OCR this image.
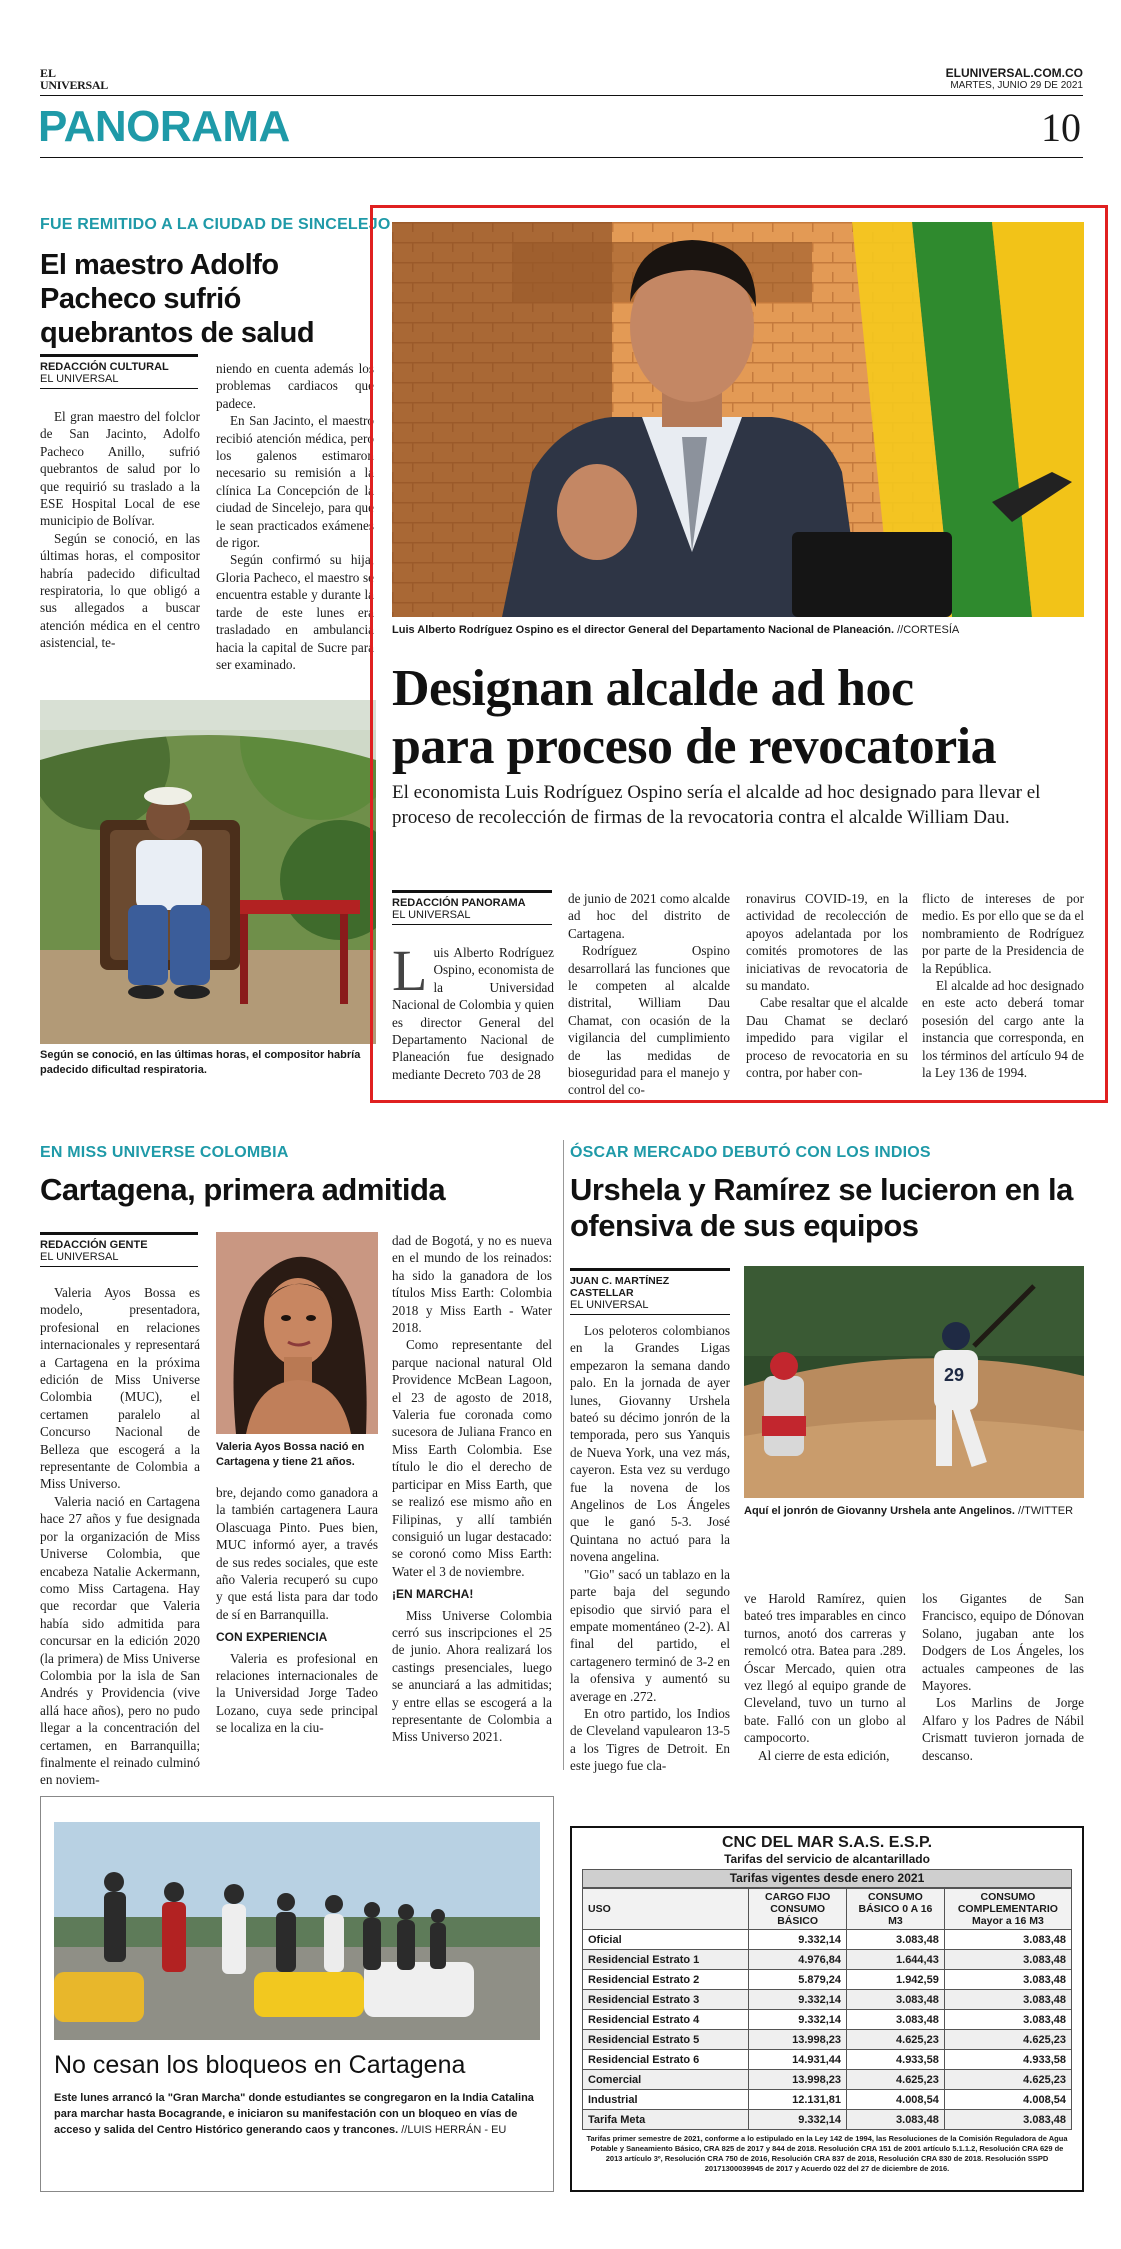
EL
UNIVERSAL
ELUNIVERSAL.COM.CO
MARTES, JUNIO 29 DE 2021
PANORAMA	10
FUE REMITIDO A LA CIUDAD DE SINCELEJO
El maestro Adolfo Pacheco sufrió quebrantos de salud
REDACCIÓN CULTURAL
EL UNIVERSAL

El gran maestro del folclor de San Jacinto, Adolfo Pacheco Anillo, sufrió quebrantos de salud por lo que requirió su traslado a la ESE Hospital Local de ese municipio de Bolívar.

Según se conoció, en las últimas horas, el compositor habría padecido dificultad respiratoria, lo que obligó a sus allegados a buscar atención médica en el centro asistencial, te-

niendo en cuenta además los problemas cardiacos que padece.

En San Jacinto, el maestro recibió atención médica, pero los galenos estimaron necesario su remisión a la clínica La Concepción de la ciudad de Sincelejo, para que le sean practicados exámenes de rigor.

Según confirmó su hija, Gloria Pacheco, el maestro se encuentra estable y durante la tarde de este lunes era trasladado en ambulancia hacia la capital de Sucre para ser examinado.

Según se conoció, en las últimas horas, el compositor habría padecido dificultad respiratoria.
Luis Alberto Rodríguez Ospino es el director General del Departamento Nacional de Planeación. //CORTESÍA
Designan alcalde ad hoc
para proceso de revocatoria
El economista Luis Rodríguez Ospino sería el alcalde ad hoc designado para llevar el proceso de recolección de firmas de la revocatoria contra el alcalde William Dau.
REDACCIÓN PANORAMA
EL UNIVERSAL

Luis Alberto Rodríguez Ospino, economista de la Universidad Nacional de Colombia y quien es director General del Departamento Nacional de Planeación fue designado mediante Decreto 703 de 28

de junio de 2021 como alcalde ad hoc del distrito de Cartagena.

Rodríguez Ospino desarrollará las funciones que le competen al alcalde distrital, William Dau Chamat, con ocasión de la vigilancia del cumplimiento de las medidas de bioseguridad para el manejo y control del co-

ronavirus COVID-19, en la actividad de recolección de apoyos adelantada por los comités promotores de las iniciativas de revocatoria de su mandato.

Cabe resaltar que el alcalde Dau Chamat se declaró impedido para vigilar el proceso de revocatoria en su contra, por haber con-

flicto de intereses de por medio. Es por ello que se da el nombramiento de Rodríguez por parte de la Presidencia de la República.

El alcalde ad hoc designado en este acto deberá tomar posesión del cargo ante la instancia que corresponda, en los términos del artículo 94 de la Ley 136 de 1994.

EN MISS UNIVERSE COLOMBIA
Cartagena, primera admitida
REDACCIÓN GENTE
EL UNIVERSAL

Valeria Ayos Bossa es modelo, presentadora, profesional en relaciones internacionales y representará a Cartagena en la próxima edición de Miss Universe Colombia (MUC), el certamen paralelo al Concurso Nacional de Belleza que escogerá a la representante de Colombia a Miss Universo.

Valeria nació en Cartagena hace 27 años y fue designada por la organización de Miss Universe Colombia, que encabeza Natalie Ackermann, como Miss Cartagena. Hay que recordar que Valeria había sido admitida para concursar en la edición 2020 (la primera) de Miss Universe Colombia por la isla de San Andrés y Providencia (vive allá hace años), pero no pudo llegar a la concentración del certamen, en Barranquilla; finalmente el reinado culminó en noviem-

Valeria Ayos Bossa nació en Cartagena y tiene 21 años.

bre, dejando como ganadora a la también cartagenera Laura Olascuaga Pinto. Pues bien, MUC informó ayer, a través de sus redes sociales, que este año Valeria recuperó su cupo y que está lista para dar todo de sí en Barranquilla.

CON EXPERIENCIA

Valeria es profesional en relaciones internacionales de la Universidad Jorge Tadeo Lozano, cuya sede principal se localiza en la ciu-

dad de Bogotá, y no es nueva en el mundo de los reinados: ha sido la ganadora de los títulos Miss Earth: Colombia 2018 y Miss Earth - Water 2018.

Como representante del parque nacional natural Old Providence McBean Lagoon, el 23 de agosto de 2018, Valeria fue coronada como sucesora de Juliana Franco en Miss Earth Colombia. Ese título le dio el derecho de participar en Miss Earth, que se realizó ese mismo año en Filipinas, y allí también consiguió un lugar destacado: se coronó como Miss Earth: Water el 3 de noviembre.

¡EN MARCHA!

Miss Universe Colombia cerró sus inscripciones el 25 de junio. Ahora realizará los castings presenciales, luego se anunciará a las admitidas; y entre ellas se escogerá a la representante de Colombia a Miss Universo 2021.

ÓSCAR MERCADO DEBUTÓ CON LOS INDIOS
Urshela y Ramírez se lucieron en la ofensiva de sus equipos
JUAN C. MARTÍNEZ CASTELLAR
EL UNIVERSAL
29
Aquí el jonrón de Giovanny Urshela ante Angelinos. //TWITTER

Los peloteros colombianos en la Grandes Ligas empezaron la semana dando palo. En la jornada de ayer lunes, Giovanny Urshela bateó su décimo jonrón de la temporada, pero sus Yanquis de Nueva York, una vez más, cayeron. Esta vez su verdugo fue la novena de los Angelinos de Los Ángeles que le ganó 5-3. José Quintana no actuó para la novena angelina.

"Gio" sacó un tablazo en la parte baja del segundo episodio que sirvió para el empate momentáneo (2-2). Al final del partido, el cartagenero terminó de 3-2 en la ofensiva y aumentó su average en .272.

En otro partido, los Indios de Cleveland vapulearon 13-5 a los Tigres de Detroit. En este juego fue cla-

ve Harold Ramírez, quien bateó tres imparables en cinco turnos, anotó dos carreras y remolcó otra. Batea para .289. Óscar Mercado, quien otra vez llegó al equipo grande de Cleveland, tuvo un turno al bate. Falló con un globo al campocorto.

Al cierre de esta edición,

los Gigantes de San Francisco, equipo de Dónovan Solano, jugaban ante los Dodgers de Los Ángeles, los actuales campeones de las Mayores.

Los Marlins de Jorge Alfaro y los Padres de Nábil Crismatt tuvieron jornada de descanso.

No cesan los bloqueos en Cartagena
Este lunes arrancó la "Gran Marcha" donde estudiantes se congregaron en la India Catalina para marchar hasta Bocagrande, e iniciaron su manifestación con un bloqueo en vías de acceso y salida del Centro Histórico generando caos y trancones. //LUIS HERRÁN - EU
CNC DEL MAR S.A.S. E.S.P.
Tarifas del servicio de alcantarillado
Tarifas vigentes desde enero 2021
USO	CARGO FIJO CONSUMO BÁSICO	CONSUMO BÁSICO 0 A 16 M3	CONSUMO COMPLEMENTARIO Mayor a 16 M3
Oficial	9.332,14	3.083,48	3.083,48
Residencial Estrato 1	4.976,84	1.644,43	3.083,48
Residencial Estrato 2	5.879,24	1.942,59	3.083,48
Residencial Estrato 3	9.332,14	3.083,48	3.083,48
Residencial Estrato 4	9.332,14	3.083,48	3.083,48
Residencial Estrato 5	13.998,23	4.625,23	4.625,23
Residencial Estrato 6	14.931,44	4.933,58	4.933,58
Comercial	13.998,23	4.625,23	4.625,23
Industrial	12.131,81	4.008,54	4.008,54
Tarifa Meta	9.332,14	3.083,48	3.083,48
Tarifas primer semestre de 2021, conforme a lo estipulado en la Ley 142 de 1994, las Resoluciones de la Comisión Reguladora de Agua Potable y Saneamiento Básico, CRA 825 de 2017 y 844 de 2018. Resolución CRA 151 de 2001 artículo 5.1.1.2, Resolución CRA 629 de 2013 artículo 3º, Resolución CRA 750 de 2016, Resolución CRA 837 de 2018, Resolución CRA 830 de 2018. Resolución SSPD 20171300039945 de 2017 y Acuerdo 022 del 27 de diciembre de 2016.
